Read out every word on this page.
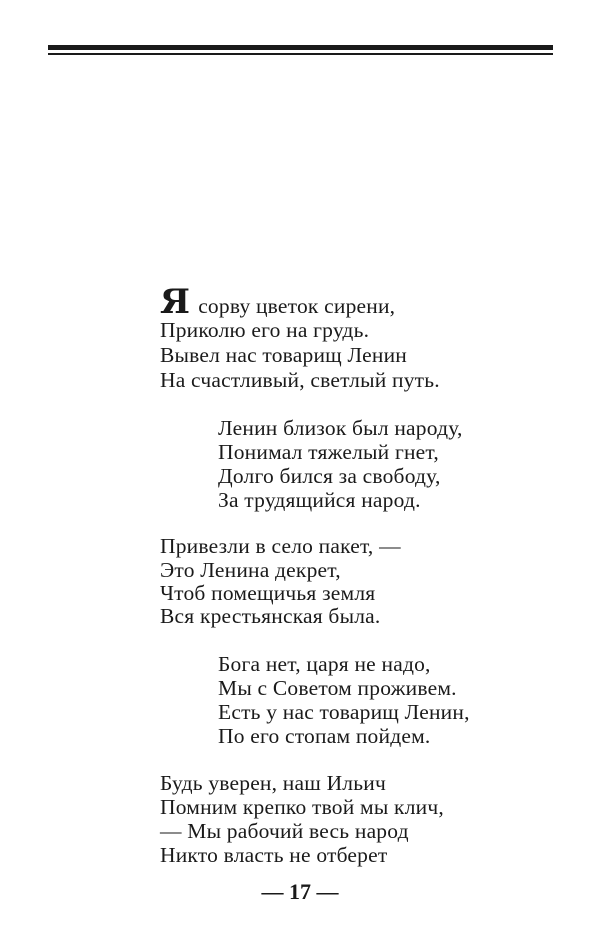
Ясорву цветок сирени,
Приколю его на грудь.
Вывел нас товарищ Ленин
На счастливый, светлый путь.
Ленин близок был народу,
Понимал тяжелый гнет,
Долго бился за свободу,
За трудящийся народ.
Привезли в село пакет, —
Это Ленина декрет,
Чтоб помещичья земля
Вся крестьянская была.
Бога нет, царя не надо,
Мы с Советом проживем.
Есть у нас товарищ Ленин,
По его стопам пойдем.
Будь уверен, наш Ильич
Помним крепко твой мы клич,
— Мы рабочий весь народ
Никто власть не отберет
— 17 —
